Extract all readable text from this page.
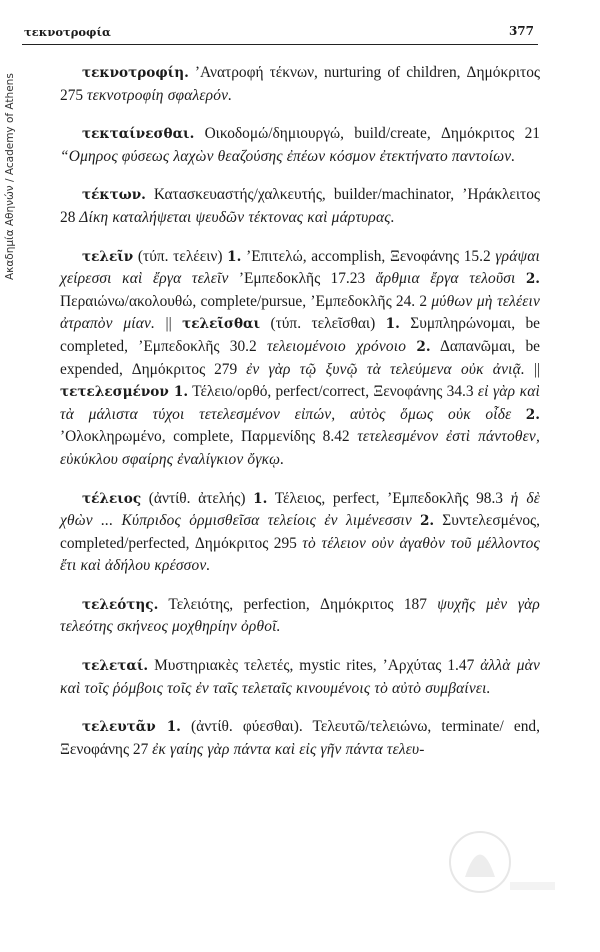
τεκνοτροφία	377
Ακαδημία Αθηνών / Academy of Athens

τεκνοτροφίη. ’Ανατροφή τέκνων, nurturing of children, Δημόκριτος 275 τεκνοτροφίη σφαλερόν.

τεκταίνεσθαι. Οικοδομώ/δημιουργώ, build/create, Δημόκριτος 21 “Ομηρος φύσεως λαχὼν θεαζούσης ἐπέων κόσμον ἐτεκτήνατο παντοίων.

τέκτων. Κατασκευαστής/χαλκευτής, builder/machinator, ’Ηράκλειτος 28 Δίκη καταλήψεται ψευδῶν τέκτονας καὶ μάρτυρας.

τελεῖν (τύπ. τελέειν) 1. ’Επιτελώ, accomplish, Ξενοφάνης 15.2 γράψαι χείρεσσι καὶ ἔργα τελεῖν ’Εμπεδοκλῆς 17.23 ἄρθμια ἔργα τελοῦσι 2. Περαιώνω/ακολουθώ, complete/pursue, ’Εμπεδοκλῆς 24. 2 μύθων μὴ τελέειν ἀτραπὸν μίαν. || τελεῖσθαι (τύπ. τελεῖσθαι) 1. Συμπληρώνομαι, be completed, ’Εμπεδοκλῆς 30.2 τελειομένοιο χρόνοιο 2. Δαπανῶμαι, be expended, Δημόκριτος 279 ἐν γὰρ τῷ ξυνῷ τὰ τελεύμενα οὐκ ἀνιᾷ. || τετελεσμένον 1. Τέλειο/ορθό, perfect/correct, Ξενοφάνης 34.3 εἰ γὰρ καὶ τὰ μάλιστα τύχοι τετελεσμένον εἰπών, αὐτὸς ὅμως οὐκ οἶδε 2. ’Ολοκληρωμένο, complete, Παρμενίδης 8.42 τετελεσμένον ἐστὶ πάντοθεν, εὐκύκλου σφαίρης ἐναλίγκιον ὄγκῳ.

τέλειος (ἀντίθ. ἀτελής) 1. Τέλειος, perfect, ’Εμπεδοκλῆς 98.3 ἡ δὲ χθὼν ... Κύπριδος ὁρμισθεῖσα τελείοις ἐν λιμένεσσιν 2. Συντελεσμένος, completed/perfected, Δημόκριτος 295 τὸ τέλειον οὐν ἀγαθὸν τοῦ μέλλοντος ἔτι καὶ ἀδήλου κρέσσον.

τελεότης. Τελειότης, perfection, Δημόκριτος 187 ψυχῆς μὲν γὰρ τελεότης σκήνεος μοχθηρίην ὀρθοῖ.

τελεταί. Μυστηριακὲς τελετές, mystic rites, ’Αρχύτας 1.47 ἀλλὰ μὰν καὶ τοῖς ῥόμβοις τοῖς ἐν ταῖς τελεταῖς κινουμένοις τὸ αὐτὸ συμβαίνει.

τελευτᾶν 1. (ἀντίθ. φύεσθαι). Τελευτῶ/τελειώνω, terminate/ end, Ξενοφάνης 27 ἐκ γαίης γὰρ πάντα καὶ εἰς γῆν πάντα τελευ-
